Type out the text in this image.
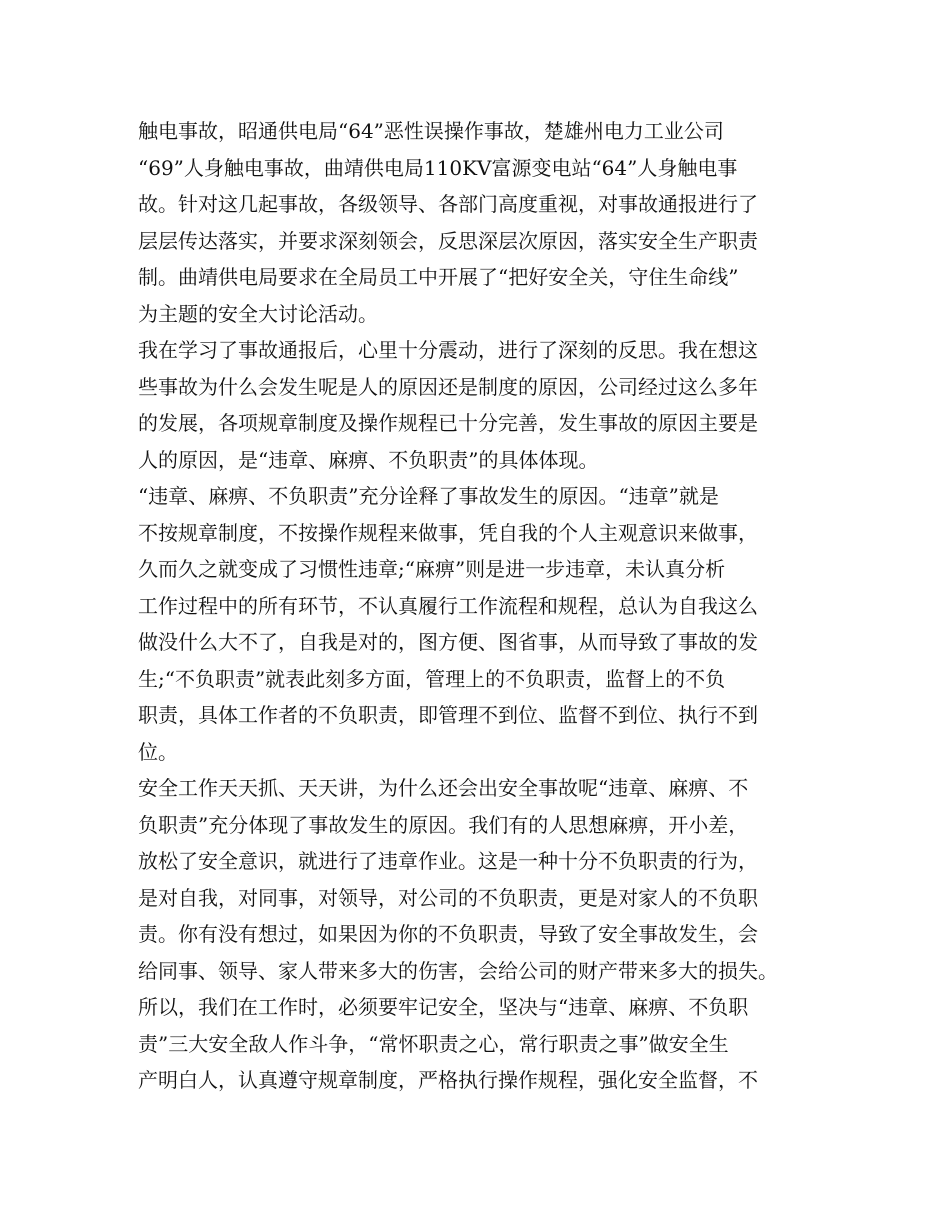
触电事故，昭通供电局“64”恶性误操作事故，楚雄州电力工业公司
“69”人身触电事故，曲靖供电局110KV富源变电站“64”人身触电事
故。针对这几起事故，各级领导、各部门高度重视，对事故通报进行了
层层传达落实，并要求深刻领会，反思深层次原因，落实安全生产职责
制。曲靖供电局要求在全局员工中开展了“把好安全关，守住生命线”
为主题的安全大讨论活动。
我在学习了事故通报后，心里十分震动，进行了深刻的反思。我在想这
些事故为什么会发生呢是人的原因还是制度的原因，公司经过这么多年
的发展，各项规章制度及操作规程已十分完善，发生事故的原因主要是
人的原因，是“违章、麻痹、不负职责”的具体体现。
“违章、麻痹、不负职责”充分诠释了事故发生的原因。“违章”就是
不按规章制度，不按操作规程来做事，凭自我的个人主观意识来做事，
久而久之就变成了习惯性违章;“麻痹”则是进一步违章，未认真分析
工作过程中的所有环节，不认真履行工作流程和规程，总认为自我这么
做没什么大不了，自我是对的，图方便、图省事，从而导致了事故的发
生;“不负职责”就表此刻多方面，管理上的不负职责，监督上的不负
职责，具体工作者的不负职责，即管理不到位、监督不到位、执行不到
位。
安全工作天天抓、天天讲，为什么还会出安全事故呢“违章、麻痹、不
负职责”充分体现了事故发生的原因。我们有的人思想麻痹，开小差，
放松了安全意识，就进行了违章作业。这是一种十分不负职责的行为，
是对自我，对同事，对领导，对公司的不负职责，更是对家人的不负职
责。你有没有想过，如果因为你的不负职责，导致了安全事故发生，会
给同事、领导、家人带来多大的伤害，会给公司的财产带来多大的损失。
所以，我们在工作时，必须要牢记安全，坚决与“违章、麻痹、不负职
责”三大安全敌人作斗争，“常怀职责之心，常行职责之事”做安全生
产明白人，认真遵守规章制度，严格执行操作规程，强化安全监督，不
